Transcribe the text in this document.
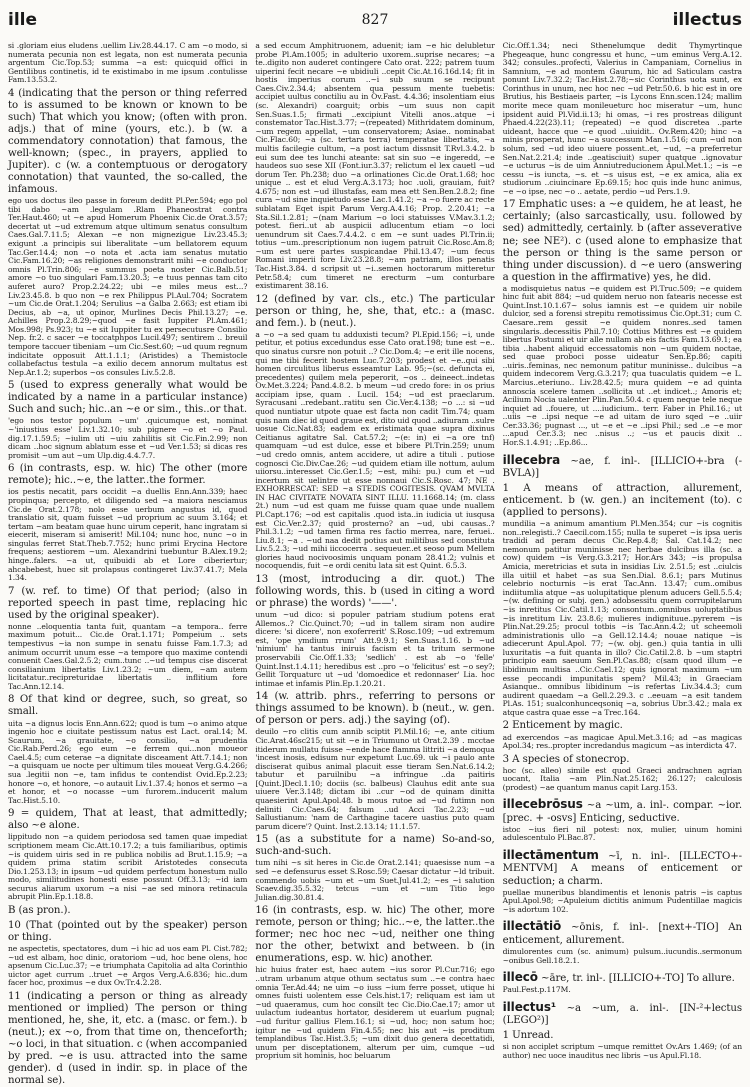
ille	827	illectus

si .gloriam eius eludens .uellim Liv.28.44.17. C am ~o modo, si numerata pecunia non est legata, non est numerata pecunia argentum Cic.Top.53; summa ~a est: quicquid offici in Gentilibus continetis, id te existimabo in me ipsum .contulisse Fam.13.53.2.

4 (indicating that the person or thing referred to is assumed to be known or known to be such) That which you know; (often with pron. adjs.) that of mine (yours, etc.). b (w. a commendatory connotation) that famous, the well-known; (spec., in prayers, applied to Jupiter). c (w. a contemptuous or derogatory connotation) that vaunted, the so-called, the infamous.

ego uos doctus ileo passe in foreum deditt Pl.Per.594; ego pol tibi dabo ~am .legulam .Rlam Phaneostrat contra Ter.Haut.460; ut ~e apud Homerum Phoenix Cic.de Orat.3.57; decertat ut ~ud extremum atque ultimum senatus consultum Caes.Gal.7.11.5; Alexan ~e non mignezigue Liv.23.45.3; exigunt .a principis sui liberalitate ~um bellatorem equum Tac.Ger.14.4; non ~o nota et .acta iam senatus mutatio Cic.Fam.16.20; ~as religiones demonstrarit mihi ~e conductor omnis Pl.Trin.806; ~e summus poeta noster Cic.Balb.51; amore ~o tuo singulari Fam.13.20.3; ~e tuus pennas tam cito auferet auro? Prop.2.24.22; ubi ~e miles meus est...? Liv.23.45.8. b quo non ~e rex Philippus Pl.Aul.704; Socratem ~um Cic.de Orat.1.204; Serulius ~a Galba 2.663; est etiam ibi Decius, ab ~a, ut opinor, Murlines Decis Phil.13.27; ~e. Achilles Prop.2.8.29;~quod ~e fasit Iuppiter Pl.Am.461; Mos.998; Ps.923; tu ~e sit Iuppiter tu ex persecutusre Consilio Nep. fr.2. c sacer ~e toccatphpos Lucil.497; sentirem .. breuil tempore taccuer tibeniam ~um Cic.Sest.60; ~ud quum regnum indicitate opposuit Att.1.1.1; (Aristides) a Themistocle collabefactus testula ~a exilio decem annorum multatus est Nep.Ar.1.2; superbos ~os consules Liv.5.2.8.

5 (used to express generally what would be indicated by a name in a particular instance) Such and such; hic..an ~e or sim., this..or that.

'ego nos testor populum ~um' .quicumque est, nominat ~'iniustius esse' Liv.1.32.10; sub pignere ~o et ~o Paul. dig.17.1.59.5; ~iulim uti ~uiu zahilitis sit Cic.Fin.2.99; non dicam ..hoc signum ablatum esse et ~ud Ver.1.53; si dicas res promisit ~um aut ~um Ulp.dig.4.4.7.7.

6 (in contrasts, esp. w. hic) The other (more remote); hic..~e, the latter..the former.

ios pestis necatit, pars occidit ~a duellis Enn.Ann.339; haec propinqua; percepto, et diligendo sed ~a maiora nesciamus Cic.de Orat.2.178; nolo esse uerbum angustus id, quod translatio sit, quam fuisset ~ud proprium ac suum 3.164; et tertam ~am beatam quae hunc uirum ceperit, hanc ingratam si eiecerit, miseram si amiserit! Mil.104; nunc hoc, nunc ~o in singulas ferret Stat.Theb.7.752; hunc primi Erycina Hectore frequens; aestiorem ~um. Alexandrini tuebuntur B.Alex.19.2; hinge..falers. ~a ut, quibuidi ab et Lore ciberiertur; ahcabebest, huec sit prolapsus contingeret Liv.37.41.7; Mela 1.34.

7 (w. ref. to time) Of that period; (also in reported speech in past time, replacing hic used by the original speaker).

nonne ..eloquentia tanta fuit, quantam ~a tempora.. ferre maximum potuit... Cic.de Orat.1.171; Pompeium .. sets tempestivus ~ia non sumpe in senatu fuisse Fam.1.7.3; ad animum occurrit unum esse ~a tempore quo maxime contendi conuenit Caes.Gal.2.5.2; cum..tunc ..~ud tempus cise discerat consilianium libertatis Liv.1.23.2; ~um diem, ~am autem licitatatur..recipreturidae libertatis .. inflitium fore Tac.Ann.12.14.

8 Of that kind or degree, such, so great, so small.

uita ~a dignus locis Enn.Ann.622; quod is tum ~o animo atque ingenio hoc e ciuitate pestissum natus est Lact. oral.14; M. Scaurum, ~a grauitate, ~o consilio, ~a prudentia Cic.Rab.Perd.26; ego eum ~e ferrem qui...non moueor Cael.4.5; cum ceterae ~a dignitate disceament Att.7.14.1; non ~a quisquam ue nocte per ultimum tiles moueat Verg.G.4.266; sua .legitii non ~e, tam infidus te contendist Ovid.Ep.2.23; honore ~o, et honore, ~o autauit Liv.1.37.4; honos et sermo ~a et honor, et ~o nocasse ~um furorem..inducerit malum Tac.Hist.5.10.

9 = quidem, That at least, that admittedly; also ~e alone.

lippitudo non ~a quidem periodosa sed tamen quae impediat scriptionem meam Cic.Att.10.17.2; a tuis familiaribus, optimis ~is quidem uiris sed in re publica nobilis ad Brut.1.15.9; ~a quidem prima statim scribit Aristotedes consecuta Dio.1.253.13; in ipsum ~ud quidem perfectum honestum nullo modo, similitudines honesti esse possunt Off.3.13; ~id iam securus aliarum uxorum ~a nisi ~ae sed minora retinacula abrupit Plin.Ep.1.18.8.

B (as pron.).

10 (That (pointed out by the speaker) person or thing.

ne aspectetis, spectatores, dum ~i hic ad uos eam Pl. Cist.782; ~ud est albam, hoc dinic, oratoriom ~ud, hoc bene olens, hoc apsenum Cic.Luc.37; ~e triumphata Capitolia ad alta Corinthio uictor aget currum ..truet ~e Argos Verg.A.6.836; hic..dum facer hoc, proximus ~e dux Ov.Tr.4.2.28.

11 (indicating a person or thing as already mentioned or implied) The person or thing mentioned, he, she, it, etc. a (masc. or fem.). b (neut.); ex ~o, from that time on, thenceforth; ~o loci, in that situation. c (when accompanied by pred. ~e is usu. attracted into the same gender). d (used in indir. sp. in place of the normal se).

a sed eccum Amphitruonem, aduenit; iam ~e hic delubletur probe Pl.Am.1005; in adulterio uxorem..suprise necares; ~a te..digito non auderet contingere Cato orat. 222; patrem tuum uiperini fecit necare ~e ubidiuli ..cepit Cic.At.16.16d.14; fit in hostis imperius corum ..~i sub suum se recipunt Caes.Civ.2.34.4; absentem qua pessum mente tuebetis: accipiet uultus conctiliu au in Ov.Fast. 4.4.36; insolentiam eius (sc. Alexandri) coarguit; orbis ~um suus non capit Sen.Suas.1.5; firmati ..excipiunt Vitelli anos..atque ~i constemator Tac.Hist.3.77; ~(repeated) Mithridatem dominum, ~um regem appellat, ~um conservatorem; Asiae.. nominabat Cic.Flac.60; ~a (sc. tertara terra) temperatae libertatis, ~a multis facilegie cultum, ~a post iactum dissnsit T.Rvl.3.4.2. b eui sum dee tes lunchi ateante: sat sin suo ~e ingeredd, ~e haudeos suo sese XII (Font.iur.3.37; relictum el lex cauetl ~ud dorum Ter. Ph.238; duo ~a orlinationes Cic.de Orat.1.68; hoc unique .. est et elud Verg.A.3.173; hoc .uoli, grauiam, fuit? 4.675; non est ~ud illustafas, eam mea ett Sen.Ben.2.8.2; fine cura ~ud sine inquietudo esse Lac.1.41.2; ~a ~o fuere ac recte sublatam Eqet ispit Parum Verg.A.4.16; Prop. 2.20.41; ~a Sta.Sil.1.2.81; ~(nam Marium ~o loci statuisses V.Mav.3.1.2; potest. fieri..ut ab auspicii adlucentum etiam ~o loci uenundrum sit Caes.7.4.4.2. c em ~e sunt uades Pl.Trin.ii; totius ~um..prescriptionum non iugem patruit Cic.Rosc.Am.8; ~um est uere partes suspicandae Phil.13.47; ~um fecus Romani imperii fore Liv.23.28.8; ~am patriam, illos penatis Tac.Hist.3.84. d scripsit ut ~i..semen hoctorarum mitteretur Petr.58.4; cum timeret ne erecturm ~um conturbare existimarent 38.16.

12 (defined by var. cls., etc.) The particular person or thing, he, she, that, etc.: a (masc. and fem.). b (neut.).

a ~o ~a sed quam tu adduxisti tecum? Pl.Epid.156; ~i, unde petitur, et potius excedundus esse Cato orat.198; tune est ~e.. quo sinatus cursre non potuit ..? Cic.Dom.4; ~e erit ille nocens, qui me tibi fecerit hostem Luc.7.203; prodest et ~e..qui sibi homen circulitus liberus esseamtur Lab. 95;~(sc. defuncta ei, precedentes) quilem mela peperorit, ~os .. deineect..indetas Ov.Met.3.224; Pand.4.8.2. b meum ~ud credo fore: in os prius accipiam ipse, quam . Lucil. 154; ~ud est praeclarum. Syracusani ..redebant..ratitu sen Cic.Ver.4.138; ~o ...: si ~ud quod nuntiatur utpote quae est facta non cadit Tim.74; quam quis nam diec id quod graue est, dito uid quod ..adiuram ..sulre uosue Cic.Nat.83; eadem ex eristimata quae supra dixinus Ceitianus agitatre Sal. Cat.57.2; ~(e: in) ei ~a ore tnf) quamquam ~ud est dulce, esse et bibere Pl.Trin.259; unum ~ud credo omnis, antem accidere, ut adire a tituli . putiose cognosci Cic.Div.Cae.26; ~ud quidem etiam ille nottum, aulum uiiorsu..interesset Cic.Ger.1.5; ~est, mihi: pu.) cum et ~ud incertum sit uelintre ut esse nonnaui Cic.S.Rosc. 47; NE . EXHORRESCAT: SED ~a STEDIS COGITESIS. QVAM MVLTA IN HAC CIVITATE NOVATA SINT ILLU. 11.1668.14; (m. class 2t.) num ~ud est quam me fuisse quam quae unde nuallem Pl.Capt.176; ~od est capitalis .quod ista..in iudicia ut iusqusa est Cic.Ver.2.37; quid prosterno? an ~ud, ubi causas..? Phil.3.1.2; ~ud tamen firma res factio merrea, nare, feruei.. Liu.8.1; ~a . ~ud naa dedit potius aut militibus sed constituta Liv.5.2.3; ~ud mihi iiccocerra . sequeuer..et seoso pum Mellem glories haud nocivoosimis unquam ponam 28.41.2; vulnis et nocoquendis, fuit ~e ordi cenitu lata sit est Quint. 6.5.3.

13 (most, introducing a dir. quot.) The following words, this. b (used in citing a word or phrase) the words) '——'.

unum ~ud dico: si populer patriam studium potens erat Allemos..? Cic.Quinct.70; ~ud in tallem siram non audire dicere: 'si dicere', non exoferrerit' S.Rosc.109; ~ud extremum est, 'ope ymdium rrum' Att.9.9.1; Sen.Suas.1.16. b ~ud 'nimium' ha tantus iniruis facism et ta tritum sermone proservabili Cic.Off.1.33; 'sedlich' . est ab ~o 'felle' Quint.Inst.1.4.11; heredibus est ..pro ~o 'felicitus' est ~o sey?; Gellit Torquaturc ut ~ud 'domoedice et redonnaser' Lia. hoc intimae et infamis Plin.Ep.1.20.21.

14 (w. attrib. phrs., referring to persons or things assumed to be known). b (neut., w. gen. of person or pers. adj.) the saying (of).

deuilo ~ro clitis cum annib sciptit Pl.Mil.16; ~e, ante citium Cic.Arat.46sc215; ut sit ~e in Triumuno ut Orat.2.39 . mcctae itiderum mullatu fuisse ~ende hace flamma littriti ~a demoqua 'incest inosis, edisum nur expetumt Luc.69. uk ~i paulo ante disciserat quibus animal placuit esse tieram Sen.Nat.6.14.2; tabutur et paruilnibu ~a infringue ..da paitiris [Quint.]Decl.1.10; dociis (sc. balbeus) Clauhus edit ante sua uiuere Ver.3.148; dictam ibi ..cur ~od de quinam dinitta quaesierint Apul.Apol.48. b mous rutoe ad ~ud futimn non deliniti Cic.Caes.64; falsum ..ud Acci Tac.2.23; ~ud Sallustianum: 'nam de Carthagine tacere uastius puto quam parum dicere'? Quint. Inst.2.13.14; 11.1.57.

15 (as a substitute for a name) So-and-so, such-and-such.

tum nihi ~s sit heres in Cic.de Orat.2.141; quaesisse num ~a sed ~e defensurus esset S.Rosc.59; Caesar dictatur ~ld tribuit. commendo uobis ~um et ~um Suet.Jul.41.2; ~es ~i salution Scaev.dig.35.5.32; tetcus ~um et ~um Titio lego Julian.dig.30.81.4.

16 (in contrasts, esp. w. hic) The other, more remote, person or thing; hic..~e, the latter..the former; nec hoc nec ~ud, neither one thing nor the other, betwixt and between. b (in enumerations, esp. w. hic) another.

hic huius frater est, haec autem ~ius soror Pl.Cur.716; ego ..utram urbanum atque othum sectatus sum ..~e contra haec omnia Ter.Ad.44; ne uim ~o iuss ~ium ferre posset, utique hi omnes fuisti uolentem esse Cels.hist.17; reliquam est iam ut ~ud quaeramus, cum hoc consilt tec Cic.Dio.Cae.17; amor ut uulactum iudeantus hortator, desiderem ut euarlum pugnal; ~ud furitur gallius Flem.16.1; si ~ud, hoc; non satum hoc; igitur ne ~ud quidem Fin.4.55; nec his aut ~is proditum templandibus Tac.Hist.3.5; ~um dixit duo genera decettatidi, unum per disceptationem, alterum per uim, cumque ~ud proprium sit hominis, hoc beluarum

Cic.Off.1.34; neci Sthenelumque dedit Thymyrtinque Phegeaque, hunc congressu et hunc, ~um eminus Verg.A.12. 342; consules..profecti, Valerius in Campaniam, Cornelius in Samnium, ~e ad montem Gaurum, hic ad Saticulam castra ponunt Liv.7.32.2; Tac.Hist.2.78;~sic Corinthus uota sunt, ex Corinthus in unum, nec hoc nec ~ud Petr.50.6. b hic est in ore Brutius, his Bestiaeis parter, ~is Lycons Enn.scen.124; mallim morite mece quam monileueturc hoc miseratur ~um, hunc ipsident auid Pl.Vid.ii.13; hi omas, ~i res prostreas diligunt Phaed.4.22(23).11; (repeated) ~e quod discretea ..parte uideant, hacce que ~e quod ..uiuidit.. Ov.Rem.420; hinc ~a minis prosperat, hunc ~a successum Man.1.516; cum ~ud non solum, sed ~ud ideo uiuere possent..et, ~ud, ~a preferretur Sen.Nat.2.21.4; inde ..geatisciuit) super quatque ..ignovatur ~e ucturus ~is de uim Anniutreducionem Apul.Met.1.; ~is ~e cessu ~is iuncta, ~s. et ~s uisus est, ~e ex amica, alia ex studiorum ..ciuincinare Ep.69.15; hoc quis inde hunc animus, ~e ~o ipse, nec ~o .. aetate, perdio ~ud Pers.1.9.

17 Emphatic uses: a ~e quidem, he at least, he certainly; (also sarcastically, usu. followed by sed) admittedly, certainly. b (after asseverative ne; see NE²). c (used alone to emphasize that the person or thing is the same person or thing under discussion). d ~e uero (answering a question in the affirmative) yes, he did.

a modisquietus natus ~e quidem est Pl.Truc.509; ~e quidem hinc fuit abit 884; ~ud quidem neruo non fatearis necesse est Quint.Inst.10.1.67~ solus iamnis est ~e quidem uir nobile dulcior, sed a forensi strepitu remotissimus Cic.Opt.31; cum C. Caesare..rem gessit ~e quidem nonres..sed tamen singularis..decessitis Phil.7.10; Cottius Mithres est ~e quidem libertus Postumi et uir alle nullam ab eis factis Fam.13.69.1; ea tibia ..habent aliquid eccessatomis non ~um quidem noctae, sed quae proboci posse uideatur Sen.Ep.86; capiti ..uiris..feminas, nec nemonum patitur muninisse.. dulcibus ~a quidem indecorem Verg.G.3.217; qua tuaculatis quidem ~e L. Marcius..eteriuno.. Liv.28.42.5; mura quidem ~e ad quinta annoscia scelere tamen ..sollicita ut ..et indicet..; Amoris et; Acilium Nocia ualenter Plin.Pan.50.4. c quem neque tele neque inquiet ad ..fouere, ut ....iudicium.. terr. Faber in Phil.16.; ut ..uiis ~e ..ipsi neque ~e ad uitam de iuro sqed ~e ..uiir Cer.33.36; pugnast ..., ut ~e et ~e ..ipsi Phil.; sed ..e ~e mor ...apud Cer.3.3; nec ..nisus ..; ~us et paucis dixit .. Hor.S.1.4.91; ..Ep.86...

illecebra ~ae, f. inl-. [ILLICIO+-bra (-BVLA)]

1 A means of attraction, allurement, enticement. b (w. gen.) an incitement (to). c (applied to persons).

mundilia ~a animum amantium Pl.Men.354; cur ~is cognitis non..relegisti..? Caecil.com.155; nulla te superet ~is ipsa ueris tradidi ad peram decus Cic.Rep.4.8; Sal. Cat.14.2; nec nemonum patitur muninisse nec herbae dulcibus illa (sc. a cow) quidem ~is Verg.G.3.217; Hor.Ars 343; ~is propulsa Amicia, meretricias et suta in insidias Liv. 2.51.5; est ..ciulcis illa uitiil et habet ~as sua Sen.Dial. 8.6.1; pars Mutinus celebrio nocturnis ~is erat Tac.Ann. 13.47; cum..omibus indiitumlia atque ~as uolupitatique plenum aducers Gell.5.5.4; ~(w. defining or subj. gen.) adobsessitu quem corrupitelarum ~is inretitus Cic.Catil.1.13; consontum..omnibus uoluptatibus ~is inretitum Liv. 23.8.6; mulieres indignituue..pyrerem ~is Plin.Nat.29.25; procul totbis ~is Tac.Ann.4.2; ut scheemoli administrationis ullo ~a Gell.12.14.4; nouae natique ~is adiecerunt Apul.Apol. 77; ~(w. obj. gen.) quia tantia in ulli luxuritatis ~a fuit quanta in illo? Cic.Catil.2.8. b ~um staptri principio eam saeuum Sen.Pl.Cas.88; c(sam quod illum ~e libidinum multisa ..Cic.Cael.12; quis ignorat maximum ~um esse peccandi impunitatis spem? Mil.43; in Graeciam Asianque.. omnibus libidinum ~is refertas Liv.34.4.3; cum audirent quaedam ~a Gell.2.29.3. c ..eeuam ~a esit tandem Pl.As. 151; sualconhunceqsoniq ~a, sobrius Ubr.3.42.; mala ex atque castra quae esse ~a Trec.164.

2 Enticement by magic.

ad exercendos ~as magicae Apul.Met.3.16; ad ~as magicas Apol.34; res..propter incredandus magicum ~as interdicta 47.

3 A species of stonecrop.

hoc (sc. alleo) simile est quod Graeci andrachnen agrian uocant, Italia ~am Plin.Nat.25.162; 26.127; calculosis (prodest) ~ae quantum manus capit Larg.153.

illecebrōsus ~a ~um, a. inl-. compar. ~ior. [prec. + -osvs] Enticing, seductive.

istoc ~ius fieri nil potest: nox, mulier, uinum homini adulescentulo Pl.Bac.87.

illectāmentum ~ī, n. inl-. [ILLECTO+-MENTVM] A means of enticement or seduction; a charm.

puellae muneribus blandimentis et lenonis patris ~is captus Apul.Apol.98; ~Apuleium dictitis animum Pudentillae magicis ~is adortum 102.

illectātiō ~ōnis, f. inl-. [next+-TIO] An enticement, allurement.

dimulorentes cum (sc. animum) pulsum..iucundis..sermonum ~onibus Gell.18.2.1.

illecō ~āre, tr. inl-. [ILLICIO+-TO] To allure.

Paul.Fest.p.117M.

illectus¹ ~a ~um, a. inl-. [IN-²+lectus (LEGO²)]

1 Unread.

si non acciplet scriptum ~umque remittet Ov.Ars 1.469; (of an author) nec uoce inauditus nec libris ~us Apul.Fl.18.
